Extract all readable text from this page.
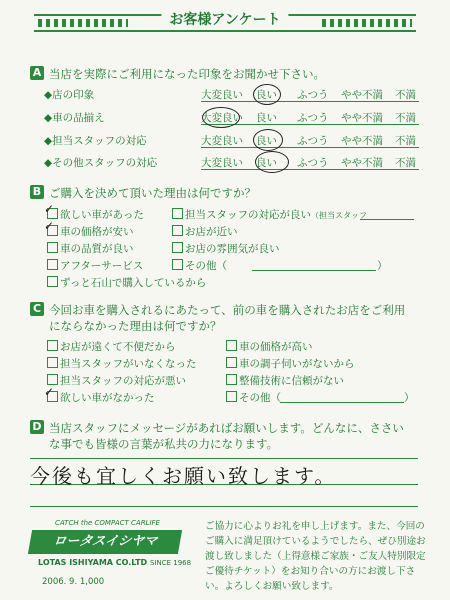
お客様アンケート
A 当店を実際にご利用になった印象をお聞かせ下さい。
◆店の印象
◆車の品揃え
◆担当スタッフの対応
◆その他スタッフの対応
大変良い 良い ふつう やや不満 不満
大変良い 良い ふつう やや不満 不満
大変良い 良い ふつう やや不満 不満
大変良い 良い ふつう やや不満 不満
B ご購入を決めて頂いた理由は何ですか？
欲しい車があった
車の価格が安い
車の品質が良い
アフターサービス
ずっと石山で購入しているから
担当スタッフの対応が良い（担当スタッフ
お店が近い
お店の雰囲気が良い
その他（	）
✓
✓
C 今回お車を購入されるにあたって、前の車を購入されたお店をご利用
にならなかった理由は何ですか？
お店が遠くて不便だから
担当スタッフがいなくなった
担当スタッフの対応が悪い
欲しい車がなかった
車の価格が高い
車の調子伺いがないから
整備技術に信頼がない
その他（	）
✓
D 当店スタッフにメッセージがあればお願いします。どんなに、ささい
な事でも皆様の言葉が私共の力になります。
今後も宜しくお願い致します。
CATCH the COMPACT CARLIFE
ロータスイシヤマ
LOTAS ISHIYAMA CO.LTD SINCE 1968
2006. 9. 1,000
ご協力に心よりお礼を申し上げます。また、今回のご購入に満足頂けているようでしたら、ぜひ別途お渡し致しました（上得意様ご家族・ご友人特別限定ご優待チケット）をお知り合いの方にお渡し下さい。よろしくお願い致します。
